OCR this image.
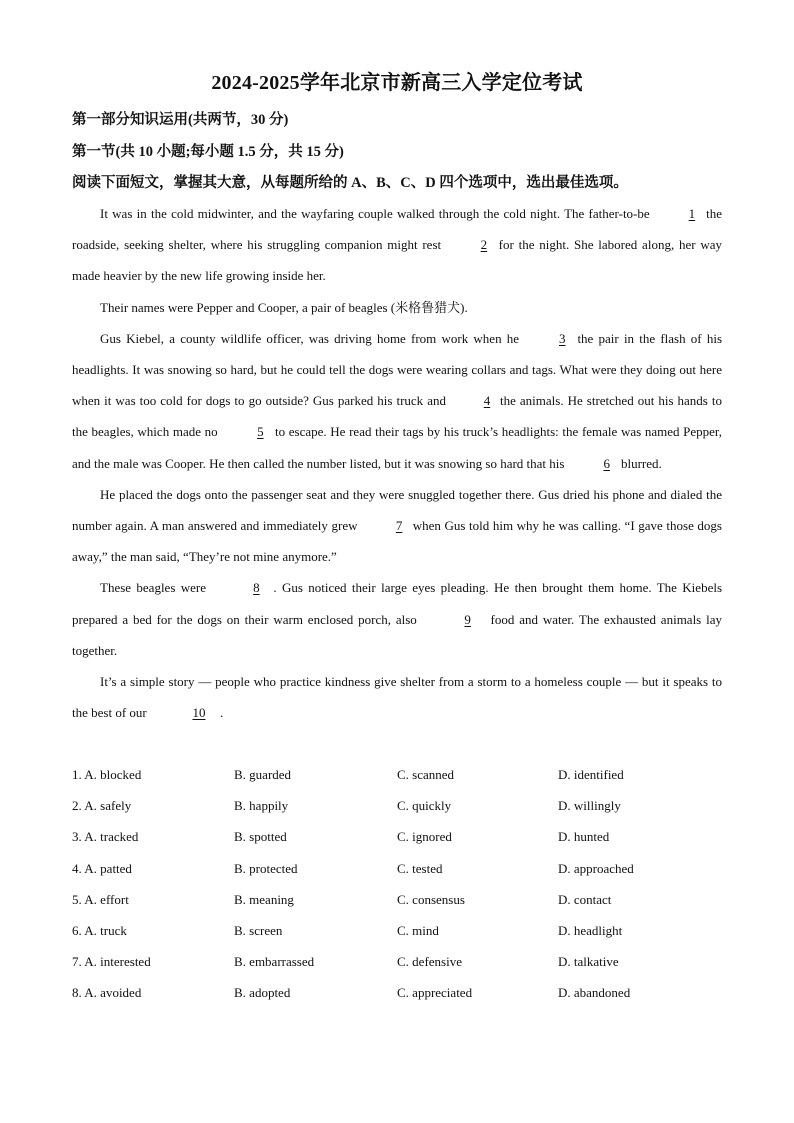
2024-2025学年北京市新高三入学定位考试
第一部分知识运用(共两节，30 分)
第一节(共 10 小题;每小题 1.5 分，共 15 分)
阅读下面短文，掌握其大意，从每题所给的 A、B、C、D 四个选项中，选出最佳选项。

It was in the cold midwinter, and the wayfaring couple walked through the cold night. The father-to-be	1 the roadside, seeking shelter, where his struggling companion might rest	2 for the night. She labored along, her way made heavier by the new life growing inside her.

Their names were Pepper and Cooper, a pair of beagles (米格鲁猎犬).

Gus Kiebel, a county wildlife officer, was driving home from work when he	3 the pair in the flash of his headlights. It was snowing so hard, but he could tell the dogs were wearing collars and tags. What were they doing out here when it was too cold for dogs to go outside? Gus parked his truck and	4 the animals. He stretched out his hands to the beagles, which made no	5 to escape. He read their tags by his truck’s headlights: the female was named Pepper, and the male was Cooper. He then called the number listed, but it was snowing so hard that his	6 blurred.

He placed the dogs onto the passenger seat and they were snuggled together there. Gus dried his phone and dialed the number again. A man answered and immediately grew	7 when Gus told him why he was calling. “I gave those dogs away,” the man said, “They’re not mine anymore.”

These beagles were	8 . Gus noticed their large eyes pleading. He then brought them home. The Kiebels prepared a bed for the dogs on their warm enclosed porch, also	9 food and water. The exhausted animals lay together.

It’s a simple story — people who practice kindness give shelter from a storm to a homeless couple — but it speaks to the best of our	10 .

1. A. blocked	B. guarded	C. scanned	D. identified
2. A. safely	B. happily	C. quickly	D. willingly
3. A. tracked	B. spotted	C. ignored	D. hunted
4. A. patted	B. protected	C. tested	D. approached
5. A. effort	B. meaning	C. consensus	D. contact
6. A. truck	B. screen	C. mind	D. headlight
7. A. interested	B. embarrassed	C. defensive	D. talkative
8. A. avoided	B. adopted	C. appreciated	D. abandoned
